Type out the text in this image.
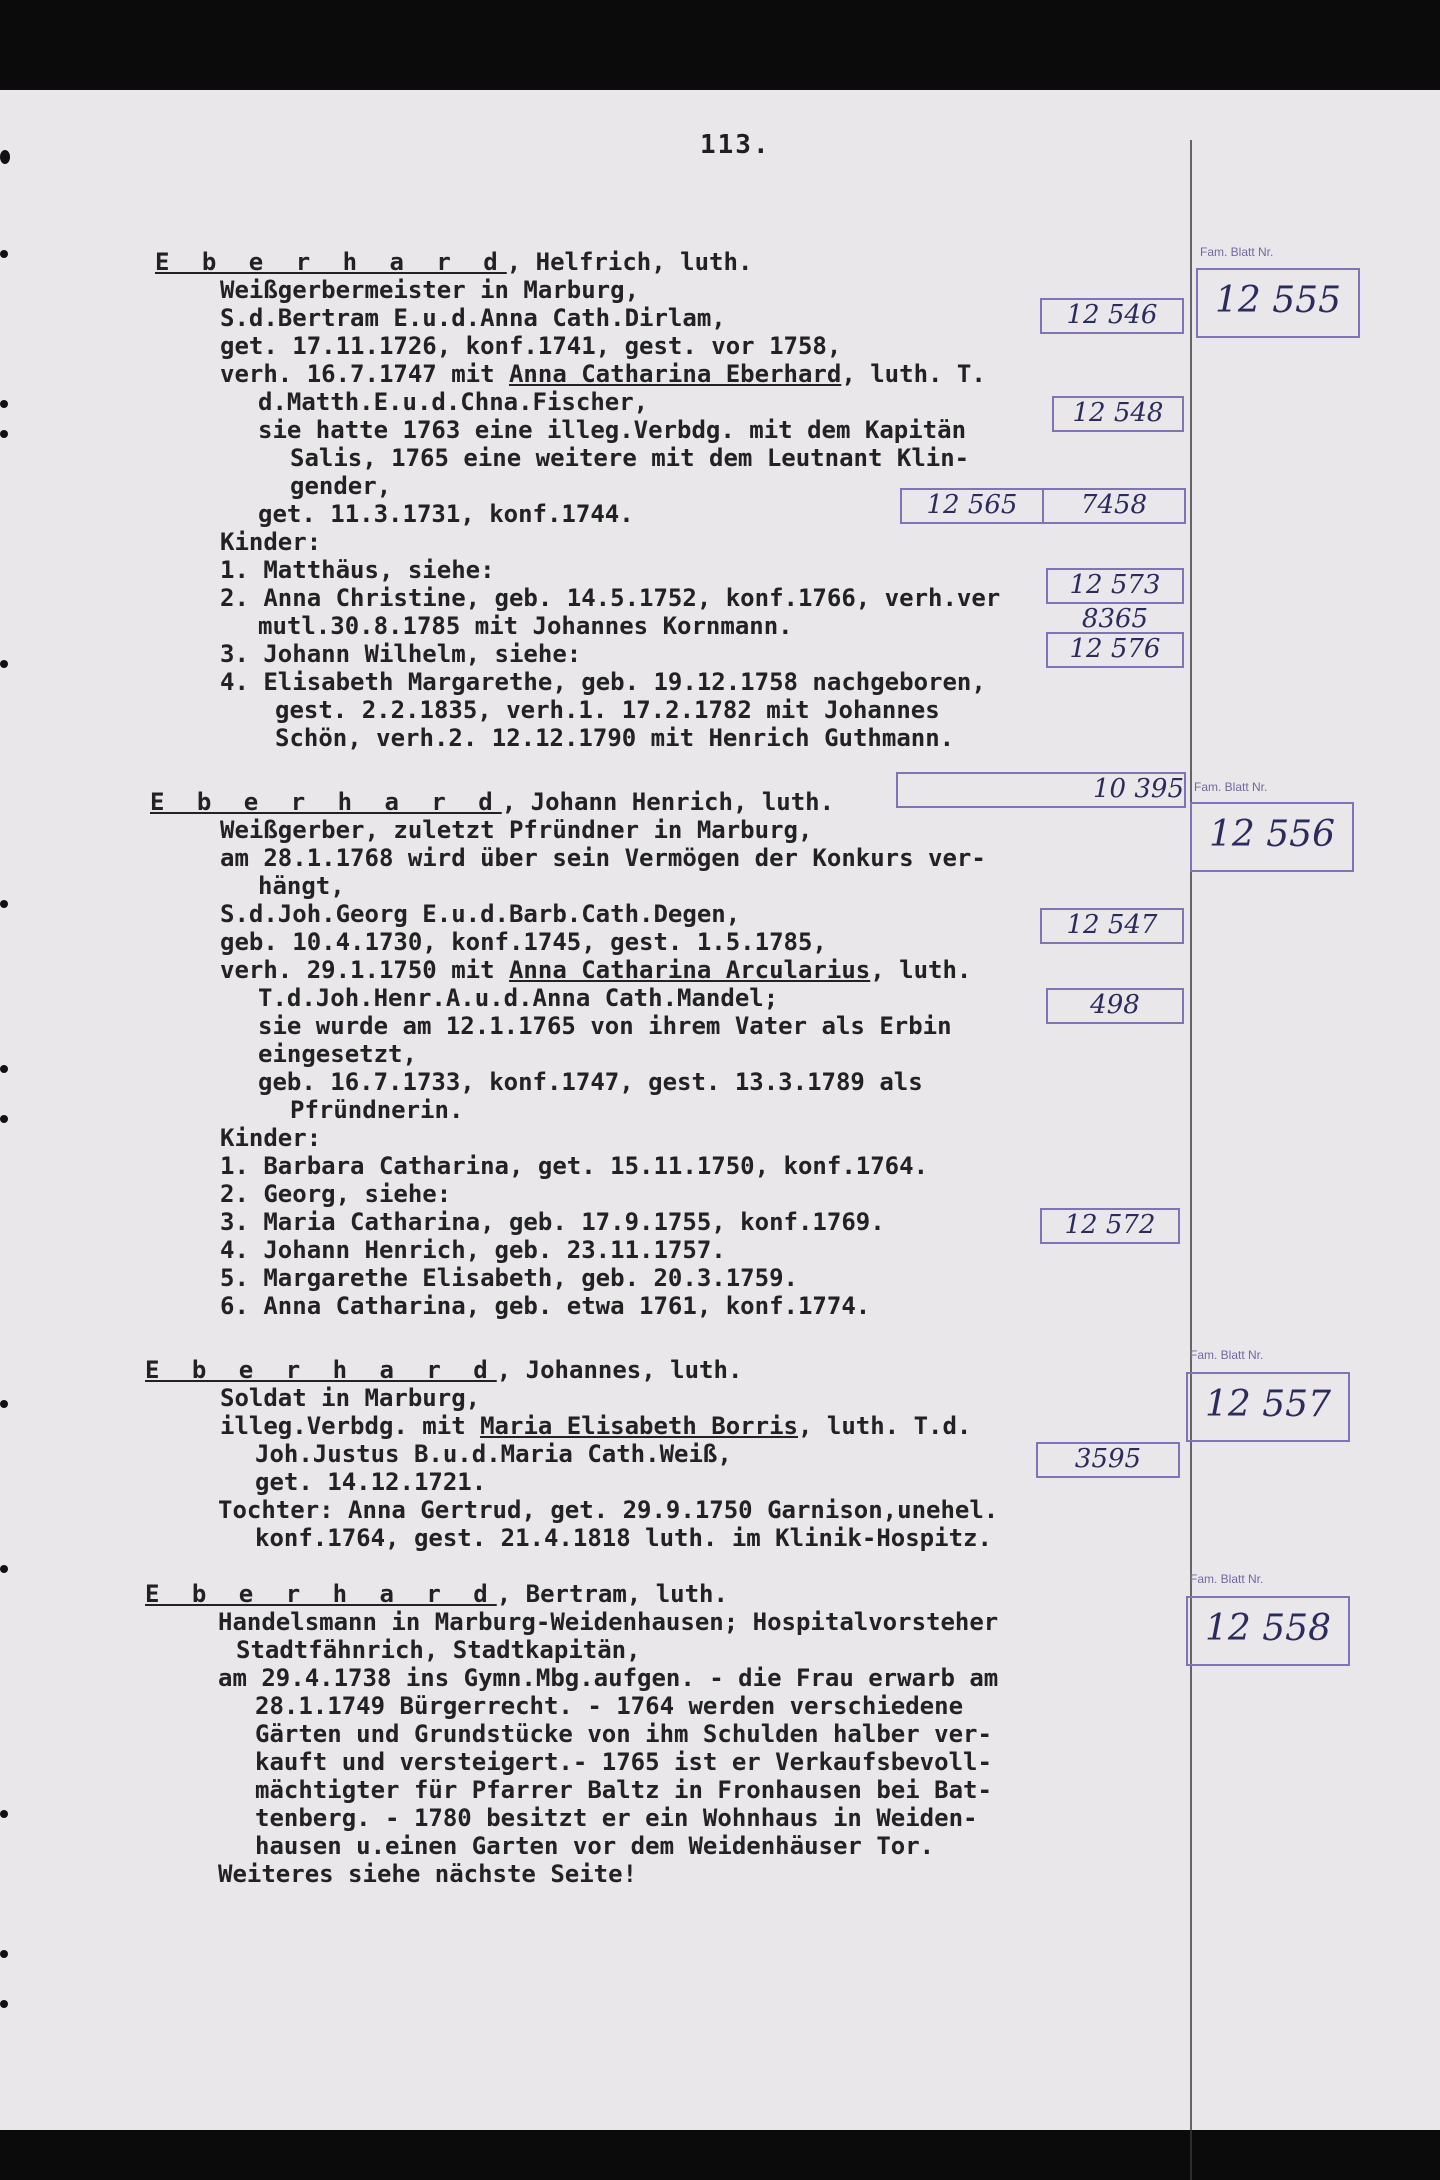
113.
E b e r h a r d, Helfrich, luth.
Weißgerbermeister in Marburg,
S.d.Bertram E.u.d.Anna Cath.Dirlam,
get. 17.11.1726, konf.1741, gest. vor 1758,
verh. 16.7.1747 mit Anna Catharina Eberhard, luth. T.
d.Matth.E.u.d.Chna.Fischer,
sie hatte 1763 eine illeg.Verbdg. mit dem Kapitän
Salis, 1765 eine weitere mit dem Leutnant Klin-
gender,
get. 11.3.1731, konf.1744.
Kinder:
1. Matthäus, siehe:
2. Anna Christine, geb. 14.5.1752, konf.1766, verh.ver
mutl.30.8.1785 mit Johannes Kornmann.
3. Johann Wilhelm, siehe:
4. Elisabeth Margarethe, geb. 19.12.1758 nachgeboren,
gest. 2.2.1835, verh.1. 17.2.1782 mit Johannes
Schön, verh.2. 12.12.1790 mit Henrich Guthmann.
12 546
12 548
12 565	7458
12 573
8365
12 576
Fam. Blatt Nr.
12 555
E b e r h a r d, Johann Henrich, luth.
Weißgerber, zuletzt Pfründner in Marburg,
am 28.1.1768 wird über sein Vermögen der Konkurs ver-
hängt,
S.d.Joh.Georg E.u.d.Barb.Cath.Degen,
geb. 10.4.1730, konf.1745, gest. 1.5.1785,
verh. 29.1.1750 mit Anna Catharina Arcularius, luth.
T.d.Joh.Henr.A.u.d.Anna Cath.Mandel;
sie wurde am 12.1.1765 von ihrem Vater als Erbin
eingesetzt,
geb. 16.7.1733, konf.1747, gest. 13.3.1789 als
Pfründnerin.
Kinder:
1. Barbara Catharina, get. 15.11.1750, konf.1764.
2. Georg, siehe:
3. Maria Catharina, geb. 17.9.1755, konf.1769.
4. Johann Henrich, geb. 23.11.1757.
5. Margarethe Elisabeth, geb. 20.3.1759.
6. Anna Catharina, geb. etwa 1761, konf.1774.
10 395
12 547
498
12 572
Fam. Blatt Nr.
12 556
E b e r h a r d, Johannes, luth.
Soldat in Marburg,
illeg.Verbdg. mit Maria Elisabeth Borris, luth. T.d.
Joh.Justus B.u.d.Maria Cath.Weiß,
get. 14.12.1721.
Tochter: Anna Gertrud, get. 29.9.1750 Garnison,unehel.
konf.1764, gest. 21.4.1818 luth. im Klinik-Hospitz.
3595
Fam. Blatt Nr.
12 557
E b e r h a r d, Bertram, luth.
Handelsmann in Marburg-Weidenhausen; Hospitalvorsteher
Stadtfähnrich, Stadtkapitän,
am 29.4.1738 ins Gymn.Mbg.aufgen. - die Frau erwarb am
28.1.1749 Bürgerrecht. - 1764 werden verschiedene
Gärten und Grundstücke von ihm Schulden halber ver-
kauft und versteigert.- 1765 ist er Verkaufsbevoll-
mächtigter für Pfarrer Baltz in Fronhausen bei Bat-
tenberg. - 1780 besitzt er ein Wohnhaus in Weiden-
hausen u.einen Garten vor dem Weidenhäuser Tor.
Weiteres siehe nächste Seite!
Fam. Blatt Nr.
12 558
